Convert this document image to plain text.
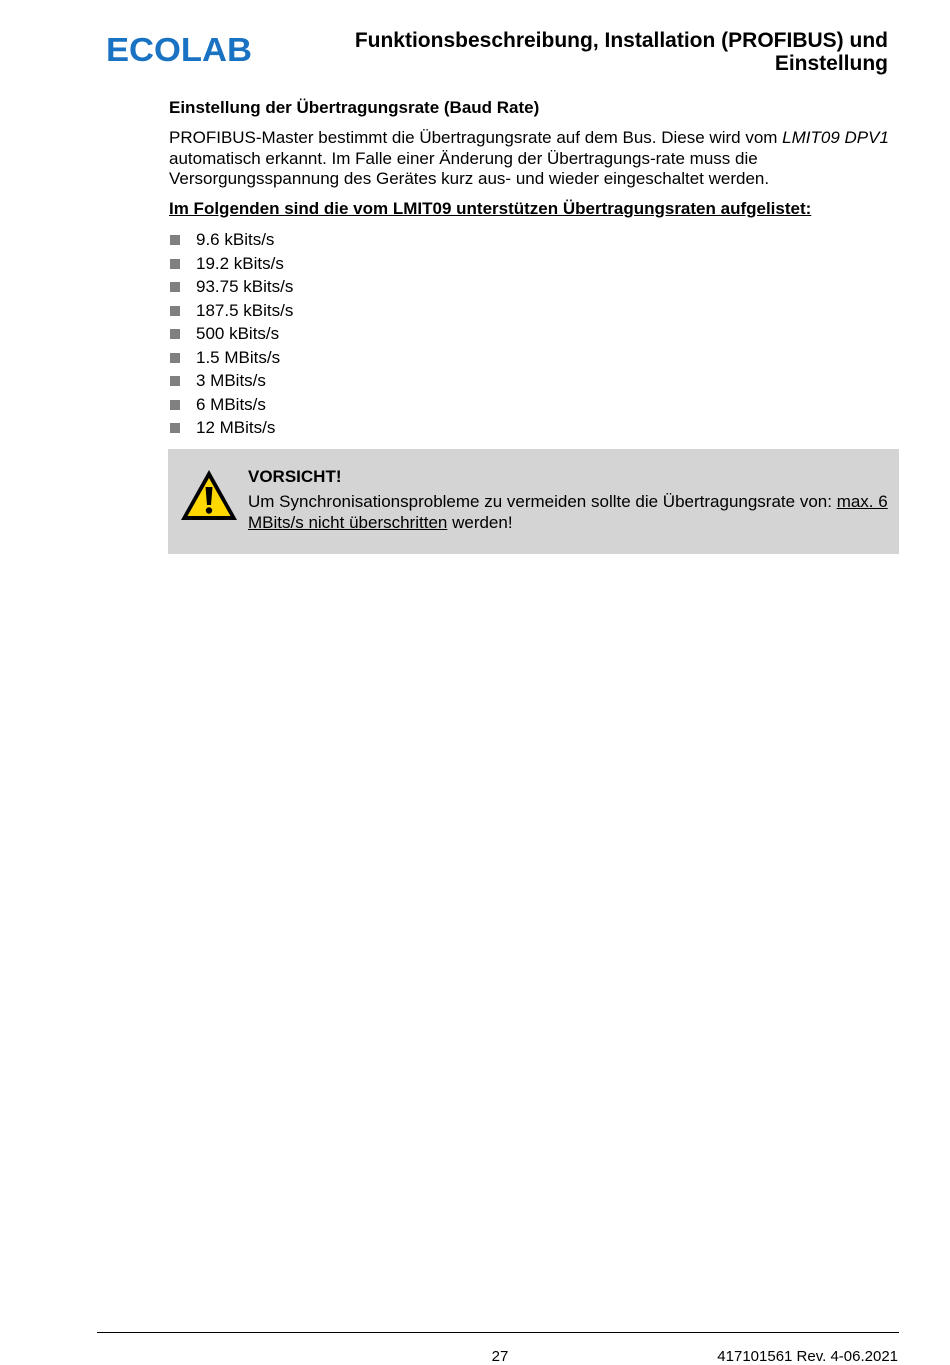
ECOLAB	Funktionsbeschreibung, Installation (PROFIBUS) und
Einstellung
Einstellung der Übertragungsrate (Baud Rate)
PROFIBUS-Master bestimmt die Übertragungsrate auf dem Bus. Diese wird vom LMIT09 DPV1 automatisch erkannt. Im Falle einer Änderung der Übertragungs-rate muss die Versorgungsspannung des Gerätes kurz aus- und wieder eingeschaltet werden.
Im Folgenden sind die vom LMIT09 unterstützen Übertragungsraten aufgelistet:
9.6 kBits/s
19.2 kBits/s
93.75 kBits/s
187.5 kBits/s
500 kBits/s
1.5 MBits/s
3 MBits/s
6 MBits/s
12 MBits/s
VORSICHT!
Um Synchronisationsprobleme zu vermeiden sollte die Übertragungsrate von: max. 6 MBits/s nicht überschritten werden!
27	417101561 Rev. 4-06.2021
